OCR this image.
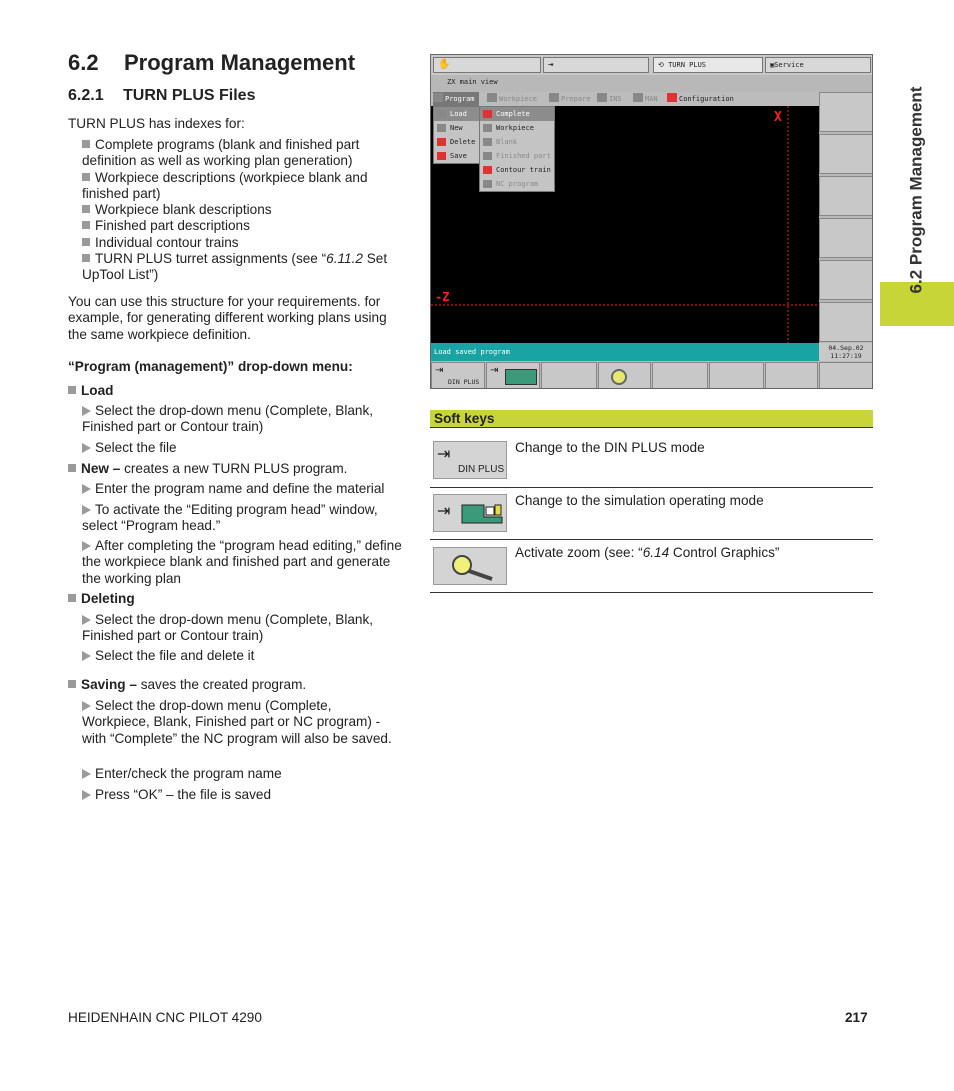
6.2 Program Management
6.2.1 TURN PLUS Files
TURN PLUS has indexes for:
Complete programs (blank and finished part definition as well as working plan generation)
Workpiece descriptions (workpiece blank and finished part)
Workpiece blank descriptions
Finished part descriptions
Individual contour trains
TURN PLUS turret assignments (see “6.11.2 Set UpTool List”)
You can use this structure for your requirements. for example, for generating different working plans using the same workpiece definition.
“Program (management)” drop-down menu:
Load
Select the drop-down menu (Complete, Blank, Finished part or Contour train)
Select the file
New – creates a new TURN PLUS program.
Enter the program name and define the material
To activate the “Editing program head” window, select “Program head.”
After completing the “program head editing,” define the workpiece blank and finished part and generate the working plan
Deleting
Select the drop-down menu (Complete, Blank, Finished part or Contour train)
Select the file and delete it
Saving – saves the created program.
Select the drop-down menu (Complete, Workpiece, Blank, Finished part or NC program) - with “Complete” the NC program will also be saved.
Enter/check the program name
Press “OK” – the file is saved
6.2 Program Management
✋	⇥	⟲ TURN PLUS	▣Service
ZX main view
Program	Workpiece	Prepare	INS	MAN	Configuration
X
-Z
Load
New
Delete
Save
Complete
Workpiece
Blank
Finished part
Contour train
NC program
Load saved program	04.Sep.02
11:27:19
⇥
DIN PLUS
⇥
Soft keys
⇥
DIN PLUS
Change to the DIN PLUS mode
⇥
Change to the simulation operating mode
Activate zoom (see: “6.14 Control Graphics”
HEIDENHAIN CNC PILOT 4290	217
